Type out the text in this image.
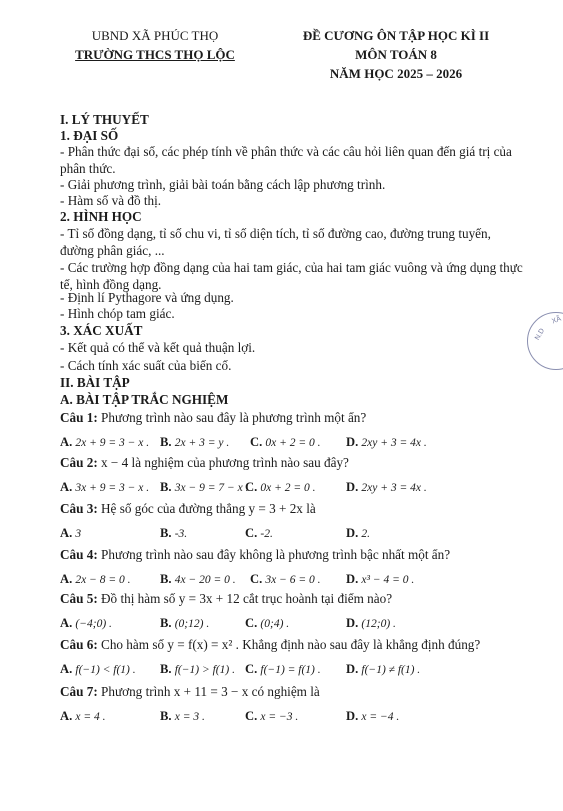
UBND XÃ PHÚC THỌ
TRƯỜNG THCS THỌ LỘC
ĐỀ CƯƠNG ÔN TẬP HỌC KÌ II
MÔN TOÁN 8
NĂM HỌC 2025 – 2026
I. LÝ THUYẾT
1. ĐẠI SỐ
- Phân thức đại số, các phép tính về phân thức và các câu hỏi liên quan đến giá trị của phân thức.
- Giải phương trình, giải bài toán bằng cách lập phương trình.
- Hàm số và đồ thị.
2. HÌNH HỌC
- Tỉ số đồng dạng, tỉ số chu vi, tỉ số diện tích, tỉ số đường cao, đường trung tuyến, đường phân giác, ...
- Các trường hợp đồng dạng của hai tam giác, của hai tam giác vuông và ứng dụng thực tế, hình đồng dạng.
- Định lí Pythagore và ứng dụng.
- Hình chóp tam giác.
3. XÁC XUẤT
- Kết quả có thể và kết quả thuận lợi.
- Cách tính xác suất của biến cố.
II. BÀI TẬP
A. BÀI TẬP TRẮC NGHIỆM
Câu 1: Phương trình nào sau đây là phương trình một ẩn?
A. 2x + 9 = 3 − x . B. 2x + 3 = y . C. 0x + 2 = 0 . D. 2xy + 3 = 4x .
Câu 2: x − 4 là nghiệm của phương trình nào sau đây?
A. 3x + 9 = 3 − x . B. 3x − 9 = 7 − x .
C. 0x + 2 = 0 . D. 2xy + 3 = 4x .
Câu 3: Hệ số góc của đường thẳng y = 3 + 2x là
A. 3	B. -3.	C. -2.	D. 2.
Câu 4: Phương trình nào sau đây không là phương trình bậc nhất một ẩn?
A. 2x − 8 = 0 . B. 4x − 20 = 0 . C. 3x − 6 = 0 . D. x³ − 4 = 0 .
Câu 5: Đồ thị hàm số y = 3x + 12 cắt trục hoành tại điểm nào?
A. (−4;0) .	B. (0;12) .	C. (0;4) .	D. (12;0) .
Câu 6: Cho hàm số y = f(x) = x² . Khẳng định nào sau đây là khẳng định đúng?
A. f(−1) < f(1) . B. f(−1) > f(1) . C. f(−1) = f(1) . D. f(−1) ≠ f(1) .
Câu 7: Phương trình x + 11 = 3 − x có nghiệm là
A. x = 4 .	B. x = 3 .	C. x = −3 .	D. x = −4 .
N.D
XÃ
